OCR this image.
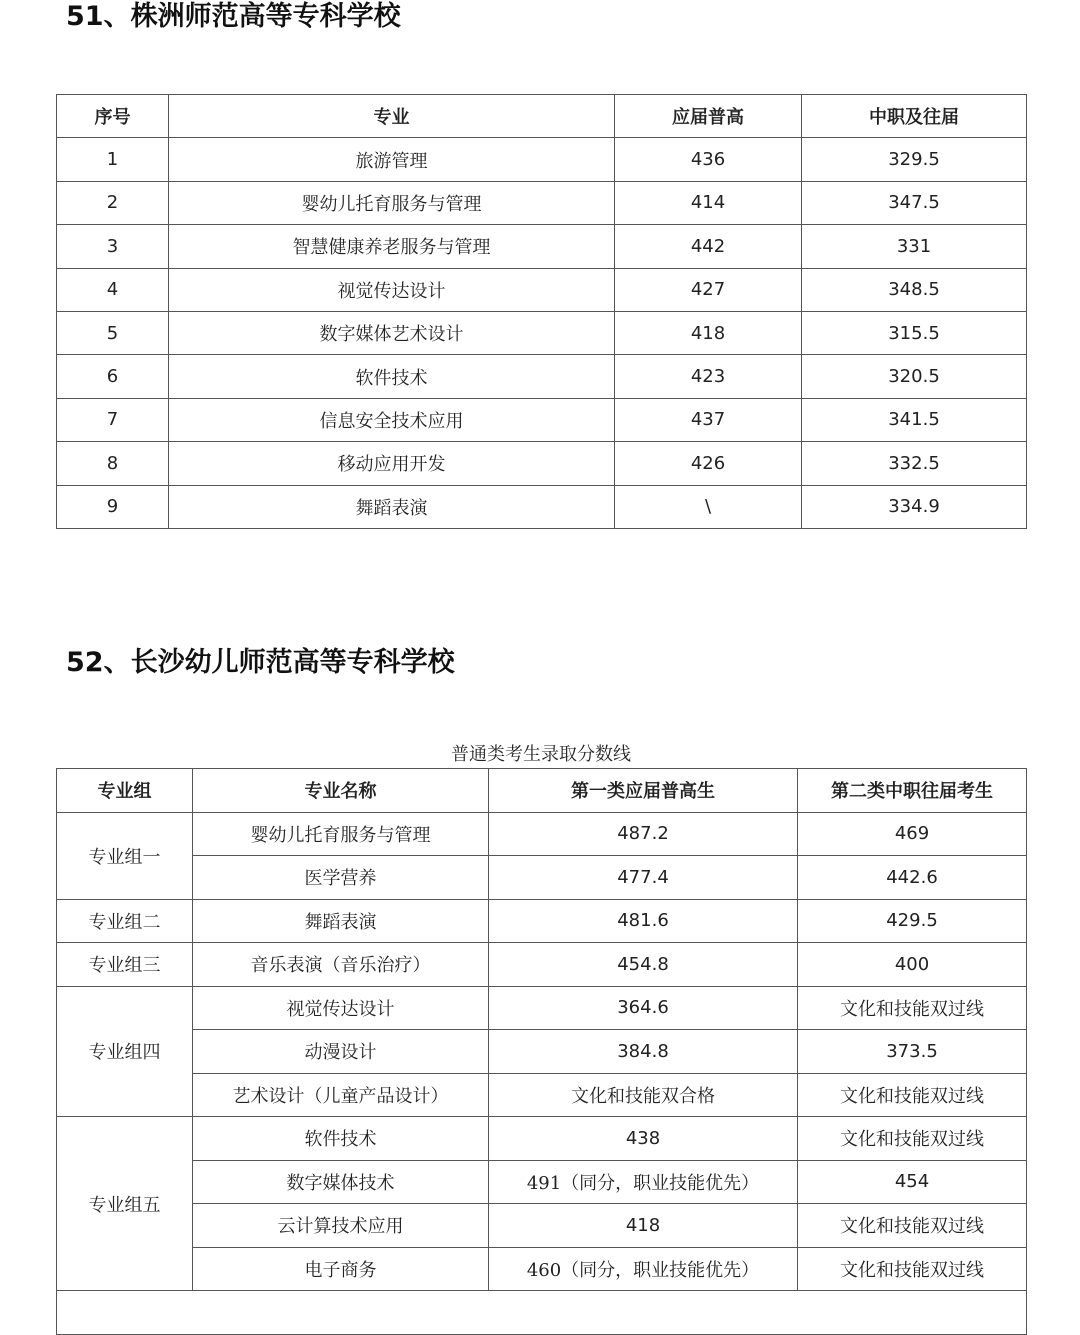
51、株洲师范高等专科学校
序号	专业	应届普高	中职及往届
1	旅游管理	436	329.5
2	婴幼儿托育服务与管理	414	347.5
3	智慧健康养老服务与管理	442	331
4	视觉传达设计	427	348.5
5	数字媒体艺术设计	418	315.5
6	软件技术	423	320.5
7	信息安全技术应用	437	341.5
8	移动应用开发	426	332.5
9	舞蹈表演	\	334.9
52、长沙幼儿师范高等专科学校

普通类考生录取分数线

专业组	专业名称	第一类应届普高生	第二类中职往届考生
专业组一	婴幼儿托育服务与管理	487.2	469
	医学营养	477.4	442.6
专业组二	舞蹈表演	481.6	429.5
专业组三	音乐表演（音乐治疗）	454.8	400
专业组四	视觉传达设计	364.6	文化和技能双过线
	动漫设计	384.8	373.5
	艺术设计（儿童产品设计）	文化和技能双合格	文化和技能双过线
专业组五	软件技术	438	文化和技能双过线
	数字媒体技术	491（同分，职业技能优先）	454
	云计算技术应用	418	文化和技能双过线
	电子商务	460（同分，职业技能优先）	文化和技能双过线
